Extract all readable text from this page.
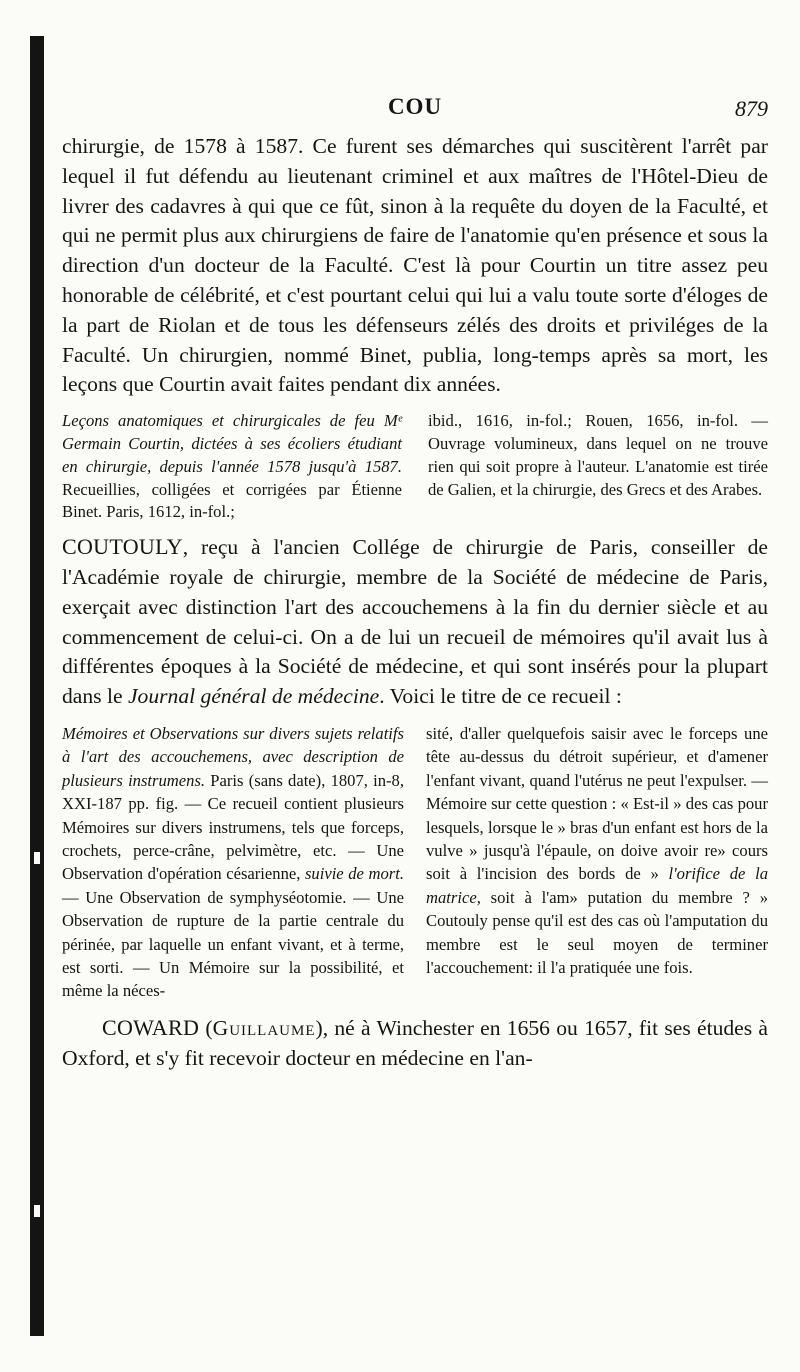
COU	879

chirurgie, de 1578 à 1587. Ce furent ses démarches qui suscitèrent l'arrêt par lequel il fut défendu au lieutenant criminel et aux maîtres de l'Hôtel-Dieu de livrer des cadavres à qui que ce fût, sinon à la requête du doyen de la Faculté, et qui ne permit plus aux chirurgiens de faire de l'anatomie qu'en présence et sous la direction d'un docteur de la Faculté. C'est là pour Courtin un titre assez peu honorable de célébrité, et c'est pourtant celui qui lui a valu toute sorte d'éloges de la part de Riolan et de tous les défenseurs zélés des droits et priviléges de la Faculté. Un chirurgien, nommé Binet, publia, long-temps après sa mort, les leçons que Courtin avait faites pendant dix années.

Leçons anatomiques et chirurgicales de feu Mᵉ Germain Courtin, dictées à ses écoliers étudiant en chirurgie, depuis l'année 1578 jusqu'à 1587. Recueillies, colligées et corrigées par Étienne Binet. Paris, 1612, in-fol.;

ibid., 1616, in-fol.; Rouen, 1656, in-fol. — Ouvrage volumineux, dans lequel on ne trouve rien qui soit propre à l'auteur. L'anatomie est tirée de Galien, et la chirurgie, des Grecs et des Arabes.

COUTOULY, reçu à l'ancien Collége de chirurgie de Paris, conseiller de l'Académie royale de chirurgie, membre de la Société de médecine de Paris, exerçait avec distinction l'art des accouchemens à la fin du dernier siècle et au commencement de celui-ci. On a de lui un recueil de mémoires qu'il avait lus à différentes époques à la Société de médecine, et qui sont insérés pour la plupart dans le Journal général de médecine. Voici le titre de ce recueil :

Mémoires et Observations sur divers sujets relatifs à l'art des accouchemens, avec description de plusieurs instrumens. Paris (sans date), 1807, in-8, XXI-187 pp. fig. — Ce recueil contient plusieurs Mémoires sur divers instrumens, tels que forceps, crochets, perce-crâne, pelvimètre, etc. — Une Observation d'opération césarienne, suivie de mort. — Une Observation de symphyséotomie. — Une Observation de rupture de la partie centrale du périnée, par laquelle un enfant vivant, et à terme, est sorti. — Un Mémoire sur la possibilité, et même la néces-

sité, d'aller quelquefois saisir avec le forceps une tête au-dessus du détroit supérieur, et d'amener l'enfant vivant, quand l'utérus ne peut l'expulser. — Mémoire sur cette question : « Est-il » des cas pour lesquels, lorsque le » bras d'un enfant est hors de la vulve » jusqu'à l'épaule, on doive avoir re» cours soit à l'incision des bords de » l'orifice de la matrice, soit à l'am» putation du membre ? » Coutouly pense qu'il est des cas où l'amputation du membre est le seul moyen de terminer l'accouchement: il l'a pratiquée une fois.

COWARD (Guillaume), né à Winchester en 1656 ou 1657, fit ses études à Oxford, et s'y fit recevoir docteur en médecine en l'an-
